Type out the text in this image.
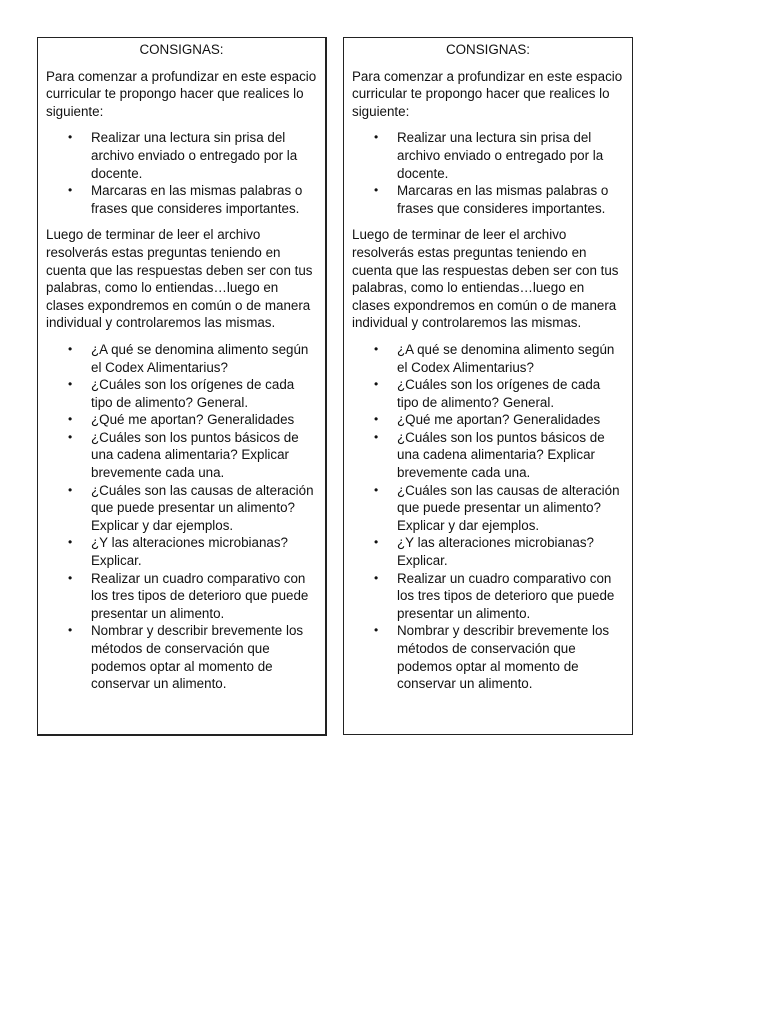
CONSIGNAS:

Para comenzar a profundizar en este espacio curricular te propongo hacer que realices lo siguiente:

• Realizar una lectura sin prisa del archivo enviado o entregado por la docente.
• Marcaras en las mismas palabras o frases que consideres importantes.

Luego de terminar de leer el archivo resolverás estas preguntas teniendo en cuenta que las respuestas deben ser con tus palabras, como lo entiendas…luego en clases expondremos en común o de manera individual y controlaremos las mismas.

• ¿A qué se denomina alimento según el Codex Alimentarius?
• ¿Cuáles son los orígenes de cada tipo de alimento? General.
• ¿Qué me aportan? Generalidades
• ¿Cuáles son los puntos básicos de una cadena alimentaria? Explicar brevemente cada una.
• ¿Cuáles son las causas de alteración que puede presentar un alimento? Explicar y dar ejemplos.
• ¿Y las alteraciones microbianas? Explicar.
• Realizar un cuadro comparativo con los tres tipos de deterioro que puede presentar un alimento.
• Nombrar y describir brevemente los métodos de conservación que podemos optar al momento de conservar un alimento.
CONSIGNAS:

Para comenzar a profundizar en este espacio curricular te propongo hacer que realices lo siguiente:

• Realizar una lectura sin prisa del archivo enviado o entregado por la docente.
• Marcaras en las mismas palabras o frases que consideres importantes.

Luego de terminar de leer el archivo resolverás estas preguntas teniendo en cuenta que las respuestas deben ser con tus palabras, como lo entiendas…luego en clases expondremos en común o de manera individual y controlaremos las mismas.

• ¿A qué se denomina alimento según el Codex Alimentarius?
• ¿Cuáles son los orígenes de cada tipo de alimento? General.
• ¿Qué me aportan? Generalidades
• ¿Cuáles son los puntos básicos de una cadena alimentaria? Explicar brevemente cada una.
• ¿Cuáles son las causas de alteración que puede presentar un alimento? Explicar y dar ejemplos.
• ¿Y las alteraciones microbianas? Explicar.
• Realizar un cuadro comparativo con los tres tipos de deterioro que puede presentar un alimento.
• Nombrar y describir brevemente los métodos de conservación que podemos optar al momento de conservar un alimento.
